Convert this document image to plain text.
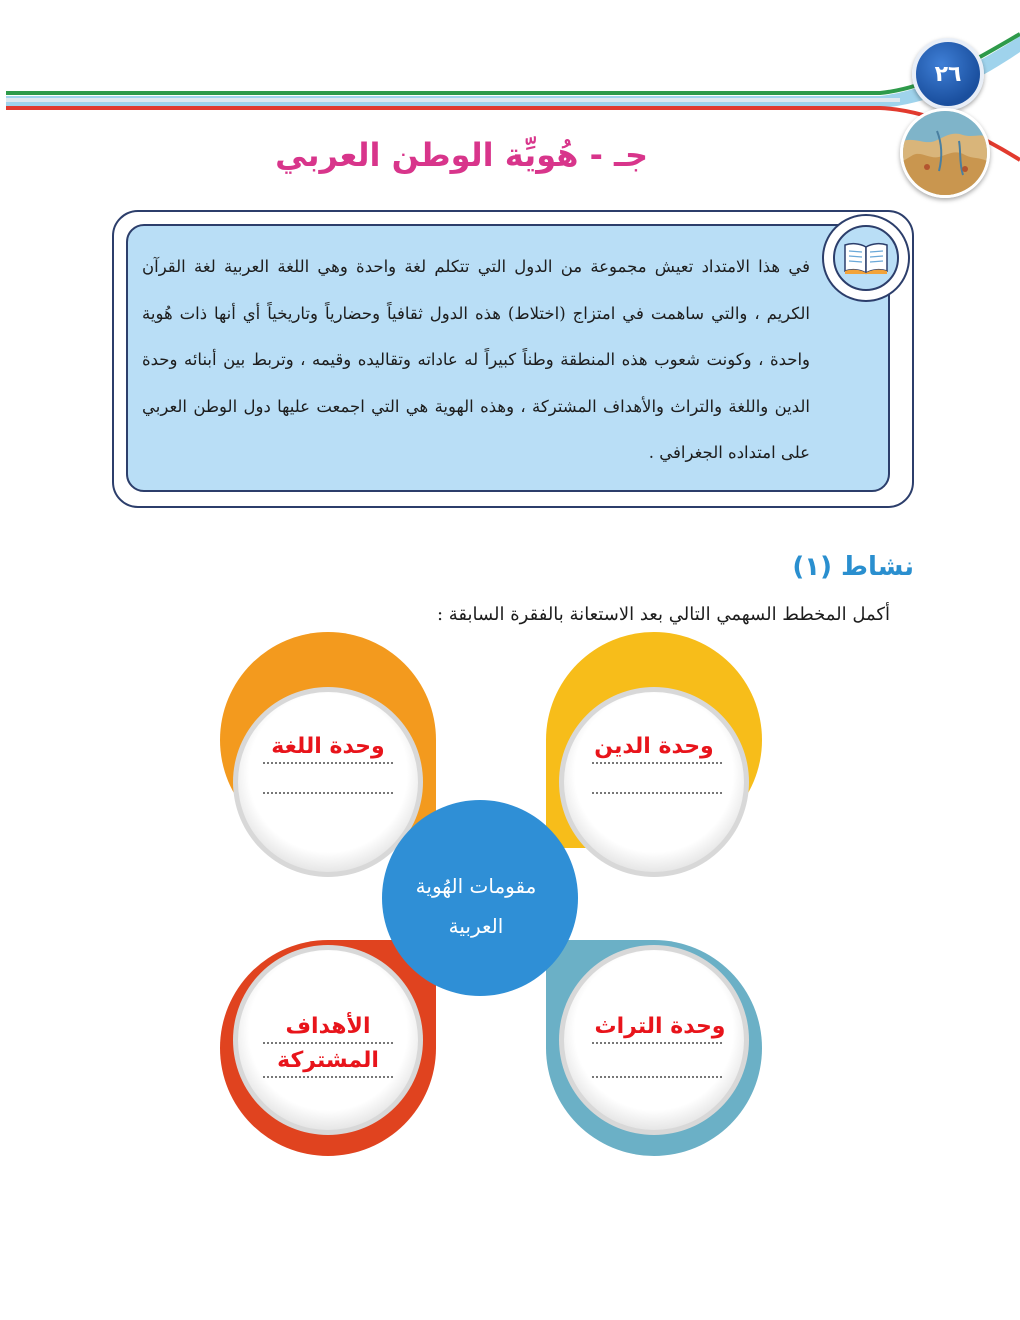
٢٦
جـ - هُويِّة الوطن العربي

في هذا الامتداد تعيش مجموعة من الدول التي تتكلم لغة واحدة وهي اللغة العربية لغة القرآن الكريم ، والتي ساهمت في امتزاج (اختلاط) هذه الدول ثقافياً وحضارياً وتاريخياً أي أنها ذات هُوية واحدة ، وكونت شعوب هذه المنطقة وطناً كبيراً له عاداته وتقاليده وقيمه ، وتربط بين أبنائه وحدة الدين واللغة والتراث والأهداف المشتركة ، وهذه الهوية هي التي اجمعت عليها دول الوطن العربي على امتداده الجغرافي .

نشاط (١)

أكمل المخطط السهمي التالي بعد الاستعانة بالفقرة السابقة :

مقومات الهُوية
العربية
وحدة اللغة	وحدة الدين
الأهداف
المشتركة
وحدة التراث
